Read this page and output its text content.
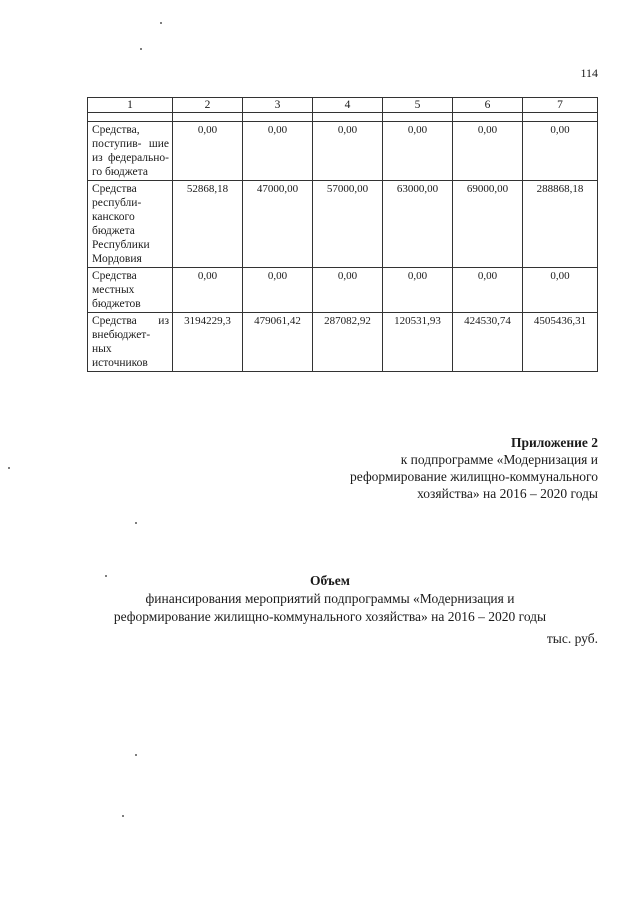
114
1	2	3	4	5	6	7

Средства, поступив- шие из федерально- го бюджета	0,00	0,00	0,00	0,00	0,00	0,00
Средства республи- канского бюджета Республики Мордовия	52868,18	47000,00	57000,00	63000,00	69000,00	288868,18
Средства местных бюджетов	0,00	0,00	0,00	0,00	0,00	0,00
Средства из внебюджет- ных источников	3194229,3	479061,42	287082,92	120531,93	424530,74	4505436,31
Приложение 2
к подпрограмме «Модернизация и
реформирование жилищно-коммунального
хозяйства» на 2016 – 2020 годы
Объем
финансирования мероприятий подпрограммы «Модернизация и
реформирование жилищно-коммунального хозяйства» на 2016 – 2020 годы
тыс. руб.
